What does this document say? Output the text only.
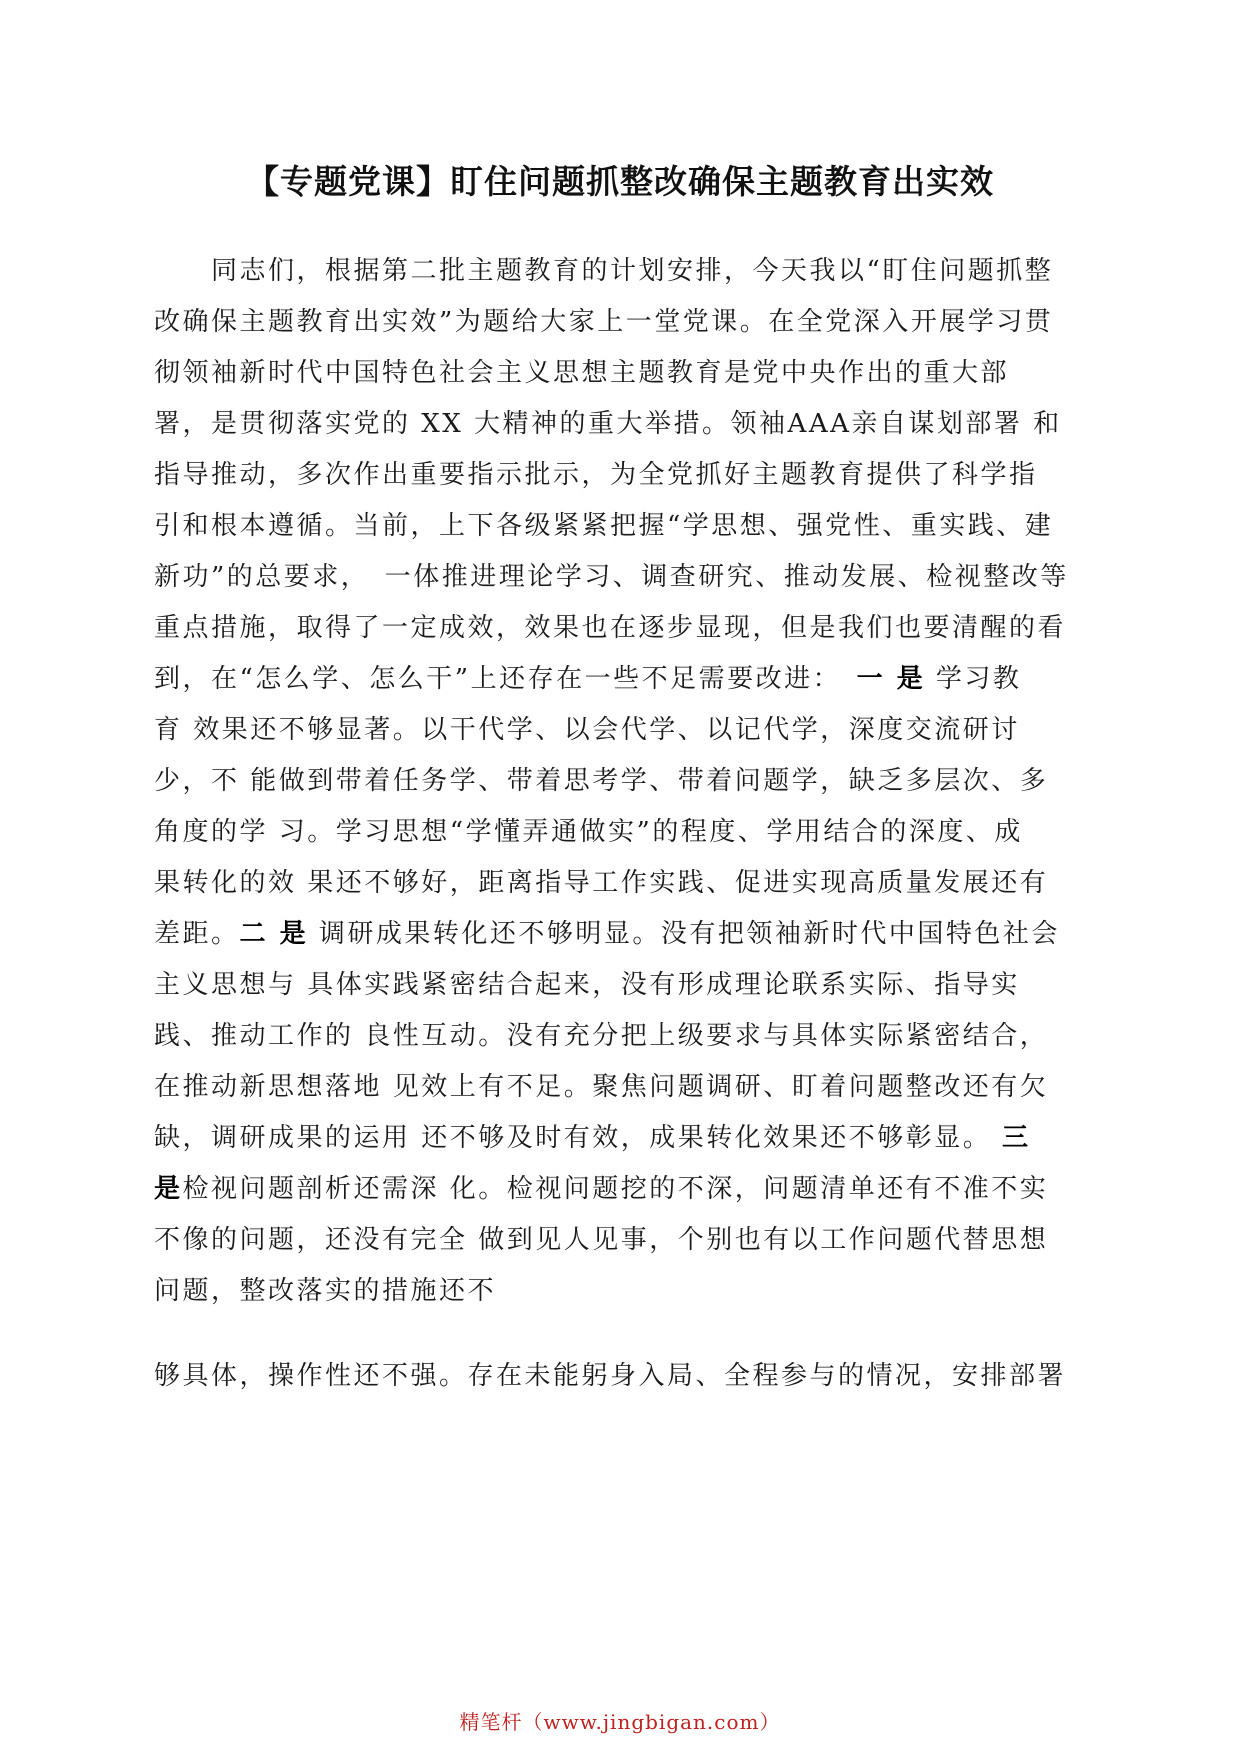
【专题党课】盯住问题抓整改确保主题教育出实效
　　同志们，根据第二批主题教育的计划安排，今天我以“盯住问题抓整
改确保主题教育出实效”为题给大家上一堂党课。在全党深入开展学习贯
彻领袖新时代中国特色社会主义思想主题教育是党中央作出的重大部
署，是贯彻落实党的 XX 大精神的重大举措。领袖AAA亲自谋划部署 和
指导推动，多次作出重要指示批示，为全党抓好主题教育提供了科学指
引和根本遵循。当前，上下各级紧紧把握“学思想、强党性、重实践、建
新功”的总要求，　一体推进理论学习、调查研究、推动发展、检视整改等
重点措施，取得了一定成效，效果也在逐步显现，但是我们也要清醒的看
到，在“怎么学、怎么干”上还存在一些不足需要改进：　一 是 学习教
育 效果还不够显著。以干代学、以会代学、以记代学，深度交流研讨
少，不 能做到带着任务学、带着思考学、带着问题学，缺乏多层次、多
角度的学 习。学习思想“学懂弄通做实”的程度、学用结合的深度、成
果转化的效 果还不够好，距离指导工作实践、促进实现高质量发展还有
差距。二 是 调研成果转化还不够明显。没有把领袖新时代中国特色社会
主义思想与 具体实践紧密结合起来，没有形成理论联系实际、指导实
践、推动工作的 良性互动。没有充分把上级要求与具体实际紧密结合，
在推动新思想落地 见效上有不足。聚焦问题调研、盯着问题整改还有欠
缺，调研成果的运用 还不够及时有效，成果转化效果还不够彰显。 三
是检视问题剖析还需深 化。检视问题挖的不深，问题清单还有不准不实
不像的问题，还没有完全 做到见人见事，个别也有以工作问题代替思想
问题，整改落实的措施还不
够具体，操作性还不强。存在未能躬身入局、全程参与的情况，安排部署
精笔杆（www.jingbigan.com）
